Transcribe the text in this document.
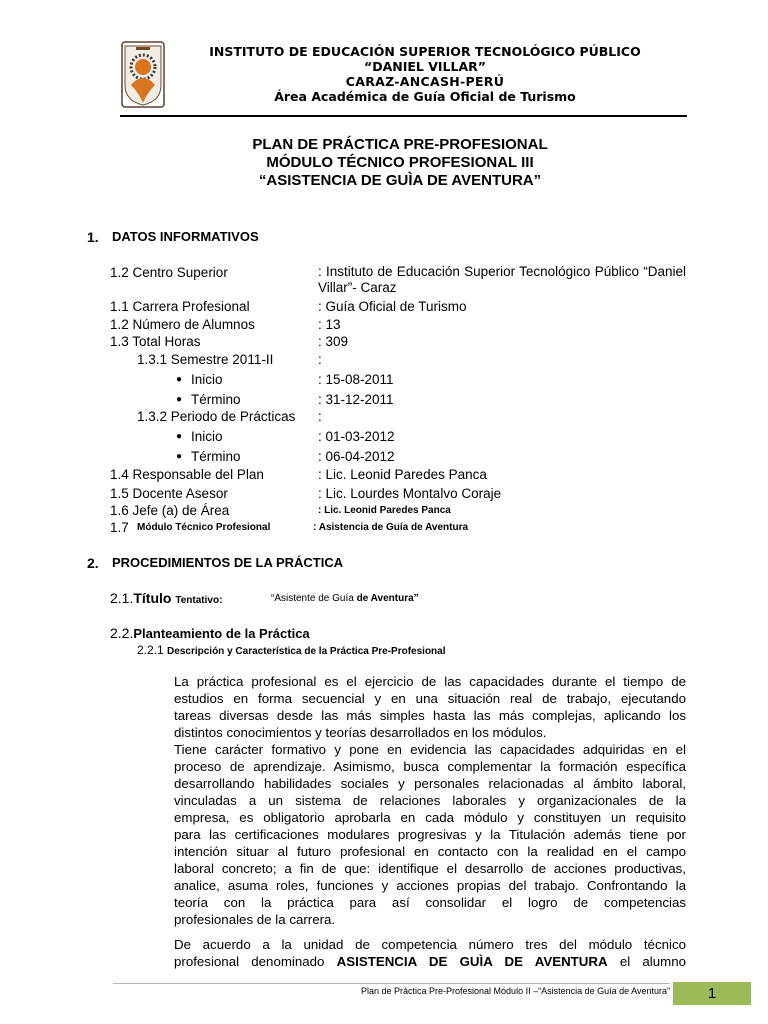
INSTITUTO DE EDUCACIÓN SUPERIOR TECNOLÓGICO PÚBLICO
“DANIEL VILLAR”
CARAZ-ANCASH-PERÚ
Área Académica de Guía Oficial de Turismo
PLAN DE PRÁCTICA PRE-PROFESIONAL
MÓDULO TÉCNICO PROFESIONAL III
“ASISTENCIA DE GUÌA DE AVENTURA”
1. DATOS INFORMATIVOS
1.2 Centro Superior	: Instituto de Educación Superior Tecnológico Público “Daniel Villar”- Caraz
1.1 Carrera Profesional	: Guía Oficial de Turismo
1.2 Número de Alumnos	: 13
1.3 Total Horas	: 309
1.3.1 Semestre 2011-II	:
● Inicio	: 15-08-2011
● Término	: 31-12-2011
1.3.2 Periodo de Prácticas :
● Inicio	: 01-03-2012
● Término	: 06-04-2012
1.4 Responsable del Plan	: Lic. Leonid Paredes Panca
1.5 Docente Asesor	: Lic. Lourdes Montalvo Coraje
1.6 Jefe (a) de Área	: Lic. Leonid Paredes Panca
1.7 Módulo Técnico Profesional	: Asistencia de Guía de Aventura
2. PROCEDIMIENTOS DE LA PRÁCTICA
2.1.Título Tentativo:	“Asistente de Guía de Aventura”
2.2.Planteamiento de la Práctica
2.2.1 Descripción y Característica de la Práctica Pre-Profesional
La práctica profesional es el ejercicio de las capacidades durante el tiempo de
estudios en forma secuencial y en una situación real de trabajo, ejecutando
tareas diversas desde las más simples hasta las más complejas, aplicando los
distintos conocimientos y teorías desarrollados en los módulos.
Tiene carácter formativo y pone en evidencia las capacidades adquiridas en el
proceso de aprendizaje. Asimismo, busca complementar la formación específica
desarrollando habilidades sociales y personales relacionadas al ámbito laboral,
vinculadas a un sistema de relaciones laborales y organizacionales de la
empresa, es obligatorio aprobarla en cada módulo y constituyen un requisito
para las certificaciones modulares progresivas y la Titulación además tiene por
intención situar al futuro profesional en contacto con la realidad en el campo
laboral concreto; a fin de que: identifique el desarrollo de acciones productivas,
analice, asuma roles, funciones y acciones propias del trabajo. Confrontando la
teoría con la práctica para así consolidar el logro de competencias
profesionales de la carrera.
De acuerdo a la unidad de competencia número tres del módulo técnico
profesional denominado ASISTENCIA DE GUÌA DE AVENTURA el alumno
Plan de Práctica Pre-Profesional Módulo II –“Asistencia de Guía de Aventura”	1
